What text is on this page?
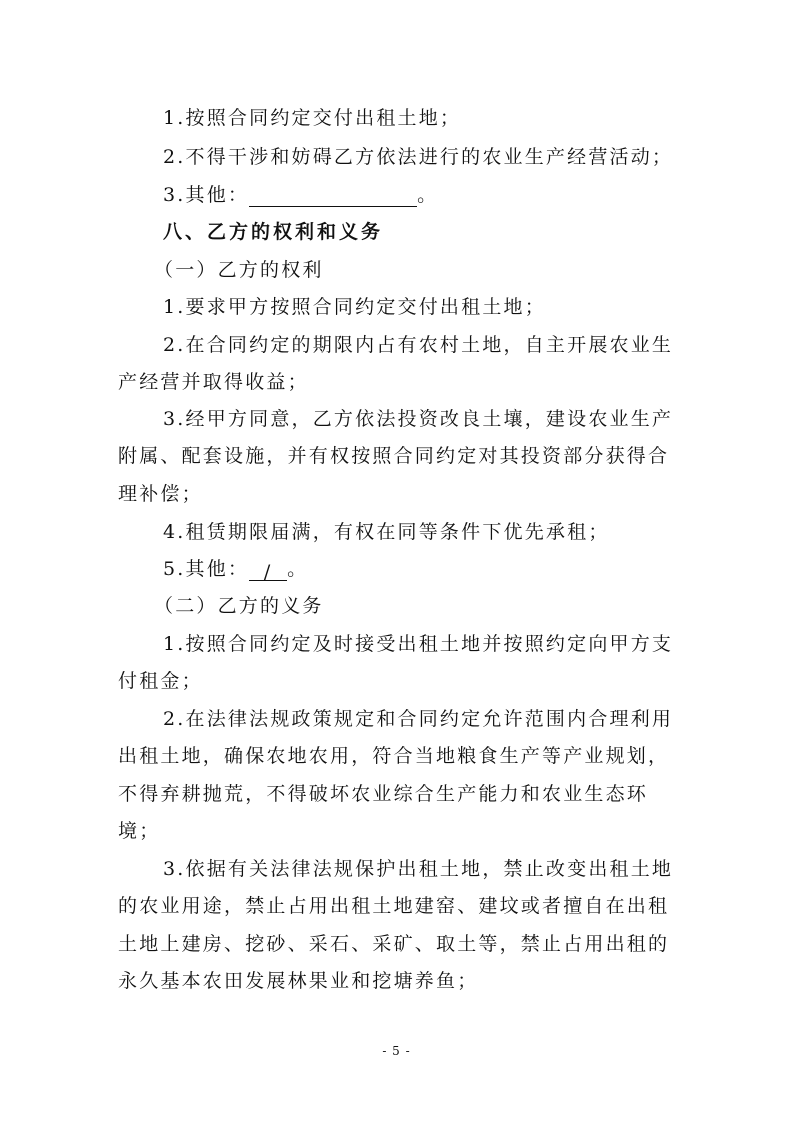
1.按照合同约定交付出租土地；
2.不得干涉和妨碍乙方依法进行的农业生产经营活动；
3.其他：	。
八、乙方的权利和义务
（一）乙方的权利
1.要求甲方按照合同约定交付出租土地；
2.在合同约定的期限内占有农村土地，自主开展农业生
产经营并取得收益；
3.经甲方同意，乙方依法投资改良土壤，建设农业生产
附属、配套设施，并有权按照合同约定对其投资部分获得合
理补偿；
4.租赁期限届满，有权在同等条件下优先承租；
5.其他： / 。
（二）乙方的义务
1.按照合同约定及时接受出租土地并按照约定向甲方支
付租金；
2.在法律法规政策规定和合同约定允许范围内合理利用
出租土地，确保农地农用，符合当地粮食生产等产业规划，
不得弃耕抛荒，不得破坏农业综合生产能力和农业生态环
境；
3.依据有关法律法规保护出租土地，禁止改变出租土地
的农业用途，禁止占用出租土地建窑、建坟或者擅自在出租
土地上建房、挖砂、采石、采矿、取土等，禁止占用出租的
永久基本农田发展林果业和挖塘养鱼；
- 5 -
